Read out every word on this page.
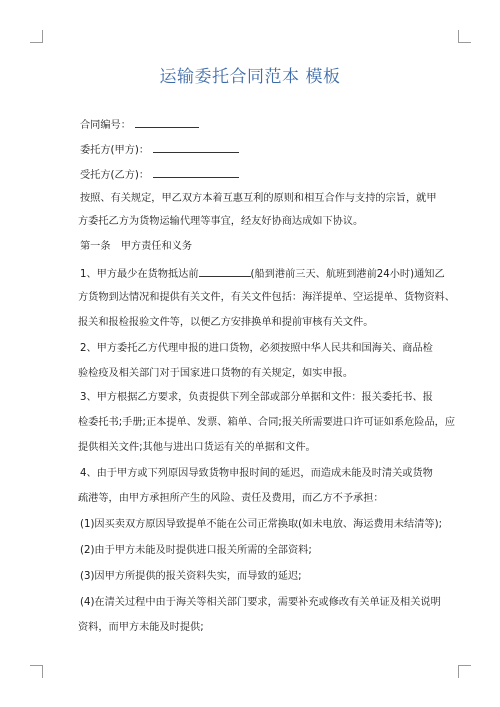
运输委托合同范本 模板
合同编号：
委托方(甲方)：
受托方(乙方)：
按照、有关规定，甲乙双方本着互惠互利的原则和相互合作与支持的宗旨，就甲
方委托乙方为货物运输代理等事宜，经友好协商达成如下协议。
第一条　甲方责任和义务
1、甲方最少在货物抵达前	(船到港前三天、航班到港前24小时)通知乙
方货物到达情况和提供有关文件，有关文件包括：海洋提单、空运提单、货物资料、
报关和报检报验文件等，以便乙方安排换单和提前审核有关文件。
2、甲方委托乙方代理申报的进口货物，必须按照中华人民共和国海关、商品检
验检疫及相关部门对于国家进口货物的有关规定，如实申报。
3、甲方根据乙方要求，负责提供下列全部或部分单据和文件：报关委托书、报
检委托书;手册;正本提单、发票、箱单、合同;报关所需要进口许可证如系危险品，应
提供相关文件;其他与进出口货运有关的单据和文件。
4、由于甲方或下列原因导致货物申报时间的延迟，而造成未能及时清关或货物
疏港等，由甲方承担所产生的风险、责任及费用，而乙方不予承担：
(1)因买卖双方原因导致提单不能在公司正常换取(如未电放、海运费用未结清等);
(2)由于甲方未能及时提供进口报关所需的全部资料;
(3)因甲方所提供的报关资料失实，而导致的延迟;
(4)在清关过程中由于海关等相关部门要求，需要补充或修改有关单证及相关说明
资料，而甲方未能及时提供;
